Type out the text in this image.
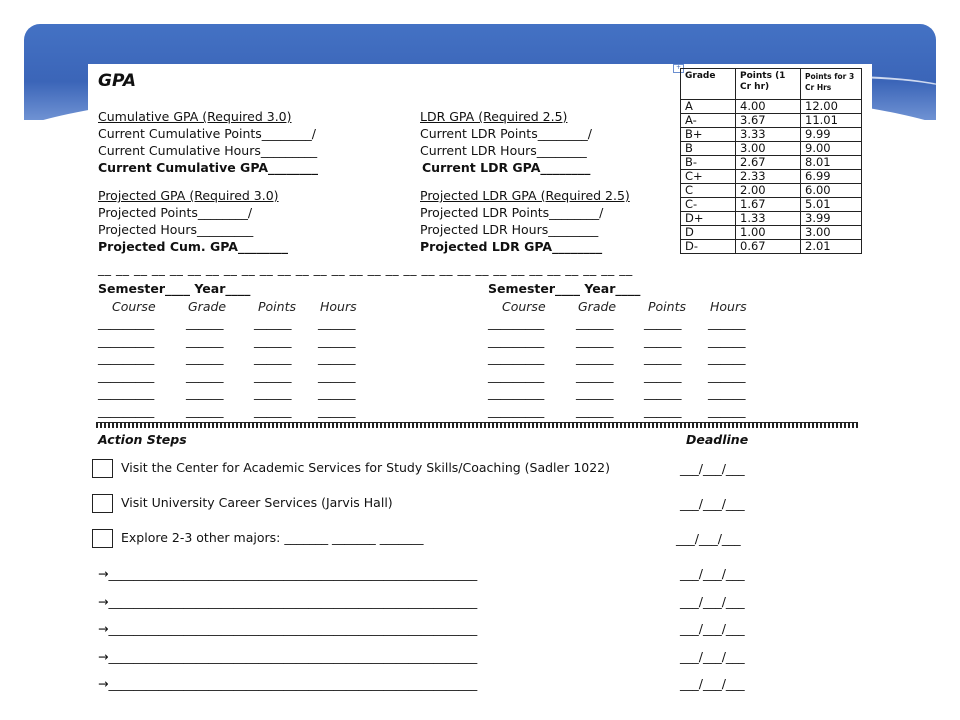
GPA
+
Cumulative GPA (Required 3.0)
Current Cumulative Points________/
Current Cumulative Hours_________
Current Cumulative GPA________
Projected GPA (Required 3.0)
Projected Points________/
Projected Hours_________
Projected Cum. GPA________
LDR GPA (Required 2.5)
Current LDR Points________/
Current LDR Hours________
Current LDR GPA________
Projected LDR GPA (Required 2.5)
Projected LDR Points________/
Projected LDR Hours________
Projected LDR GPA________
Grade	Points (1 Cr hr)	Points for 3 Cr Hrs
A	4.00	12.00
A-	3.67	11.01
B+	3.33	9.99
B	3.00	9.00
B-	2.67	8.01
C+	2.33	6.99
C	2.00	6.00
C-	1.67	5.01
D+	1.33	3.99
D	1.00	3.00
D-	0.67	2.01
__ __ __ __ __ __ __ __ __ __ __ __ __ __ __ __ __ __ __ __ __ __ __ __ __ __ __ __ __ __
Semester____ Year____
Course	Grade	Points Hours
_________	______ ______ ______
_________	______ ______ ______
_________	______ ______ ______
_________	______ ______ ______
_________	______ ______ ______
_________	______ ______ ______
Semester____ Year____
Course	Grade	Points Hours
_________	______ ______ ______
_________	______ ______ ______
_________	______ ______ ______
_________	______ ______ ______
_________	______ ______ ______
_________	______ ______ ______
Action Steps	Deadline
Visit the Center for Academic Services for Study Skills/Coaching (Sadler 1022)	___/___/___
Visit University Career Services (Jarvis Hall)	___/___/___
Explore 2-3 other majors: _______ _______ _______	___/___/___
→___________________________________________________________	___/___/___
→___________________________________________________________	___/___/___
→___________________________________________________________	___/___/___
→___________________________________________________________	___/___/___
→___________________________________________________________	___/___/___
